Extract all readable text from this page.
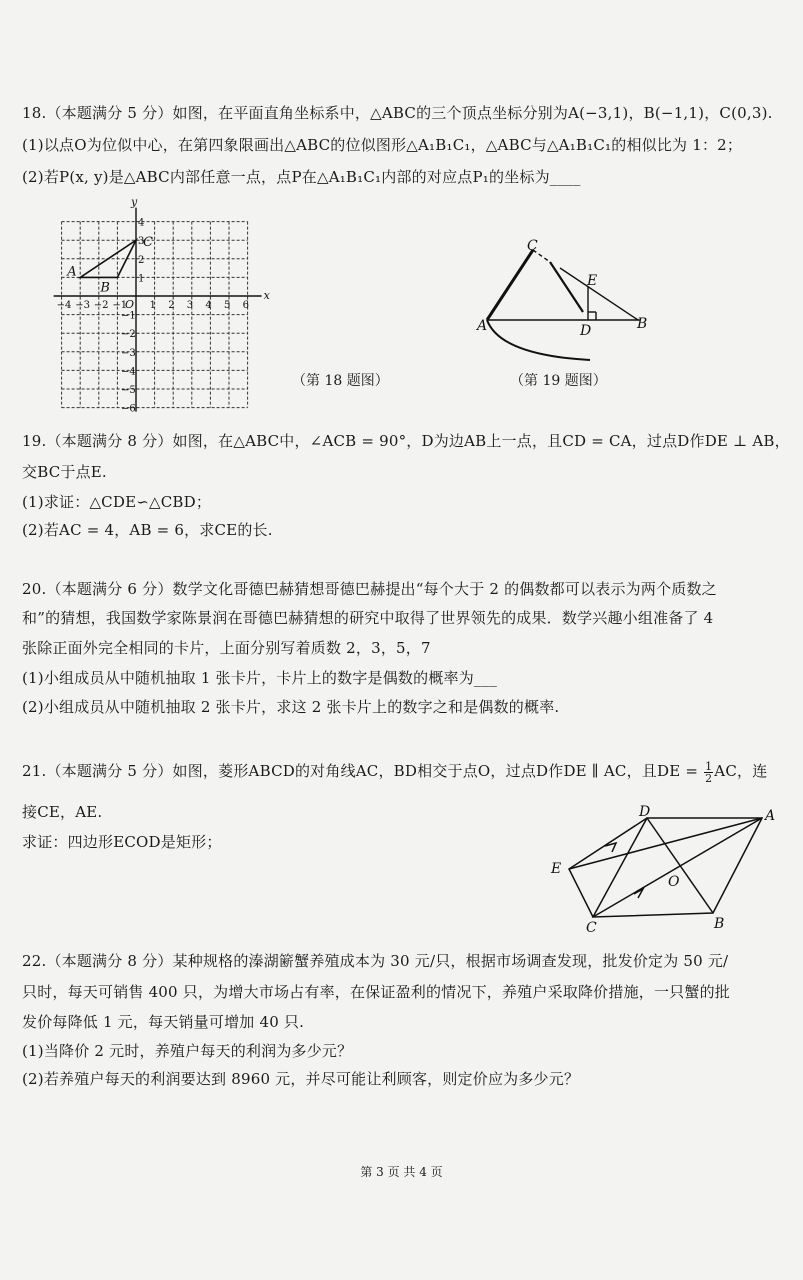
18.（本题满分 5 分）如图，在平面直角坐标系中，△ABC的三个顶点坐标分别为A(−3,1)，B(−1,1)，C(0,3).
(1)以点O为位似中心，在第四象限画出△ABC的位似图形△A₁B₁C₁，△ABC与△A₁B₁C₁的相似比为 1：2；
(2)若P(x, y)是△ABC内部任意一点，点P在△A₁B₁C₁内部的对应点P₁的坐标为____
−4 −3 −2 −1 1 2 3 4 5 6
1
2
3
4
−1
−2
−3
−4
−5
−6
x
y
O
A
B
C
（第 18 题图）
C
E
A	D	B
（第 19 题图）
19.（本题满分 8 分）如图，在△ABC中，∠ACB = 90°，D为边AB上一点，且CD = CA，过点D作DE ⊥ AB，
交BC于点E.
(1)求证：△CDE∽△CBD；
(2)若AC = 4，AB = 6，求CE的长.
20.（本题满分 6 分）数学文化哥德巴赫猜想哥德巴赫提出“每个大于 2 的偶数都可以表示为两个质数之
和”的猜想，我国数学家陈景润在哥德巴赫猜想的研究中取得了世界领先的成果．数学兴趣小组准备了 4
张除正面外完全相同的卡片，上面分别写着质数 2，3，5，7
(1)小组成员从中随机抽取 1 张卡片，卡片上的数字是偶数的概率为___
(2)小组成员从中随机抽取 2 张卡片，求这 2 张卡片上的数字之和是偶数的概率.
21.（本题满分 5 分）如图，菱形ABCD的对角线AC，BD相交于点O，过点D作DE ∥ AC，且DE = $\frac{1}{2}$ AC，连
接CE，AE.
求证：四边形ECOD是矩形；
D	A
E
O
C	B
22.（本题满分 8 分）某种规格的溱湖簖蟹养殖成本为 30 元/只，根据市场调查发现，批发价定为 50 元/
只时，每天可销售 400 只，为增大市场占有率，在保证盈利的情况下，养殖户采取降价措施，一只蟹的批
发价每降低 1 元，每天销量可增加 40 只.
(1)当降价 2 元时，养殖户每天的利润为多少元？
(2)若养殖户每天的利润要达到 8960 元，并尽可能让利顾客，则定价应为多少元？
第 3 页 共 4 页
